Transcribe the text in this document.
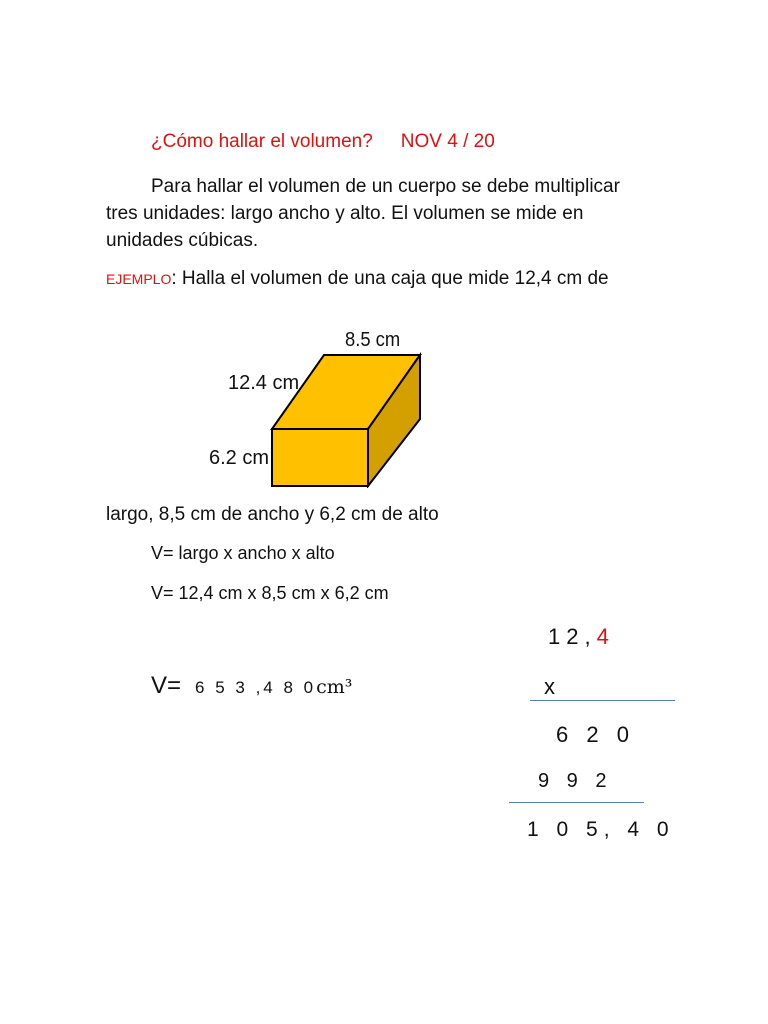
¿Cómo hallar el volumen? NOV 4 / 20
Para hallar el volumen de un cuerpo se debe multiplicar
tres unidades: largo ancho y alto. El volumen se mide en
unidades cúbicas.
EJEMPLO: Halla el volumen de una caja que mide 12,4 cm de
8.5 cm
12.4 cm
6.2 cm
largo, 8,5 cm de ancho y 6,2 cm de alto
V= largo x ancho x alto
V= 12,4 cm x 8,5 cm x 6,2 cm
V= 6 5 3 ,4 8 0cm³
12,4
x
6 2 0
9 9 2
1 0 5, 4 0
